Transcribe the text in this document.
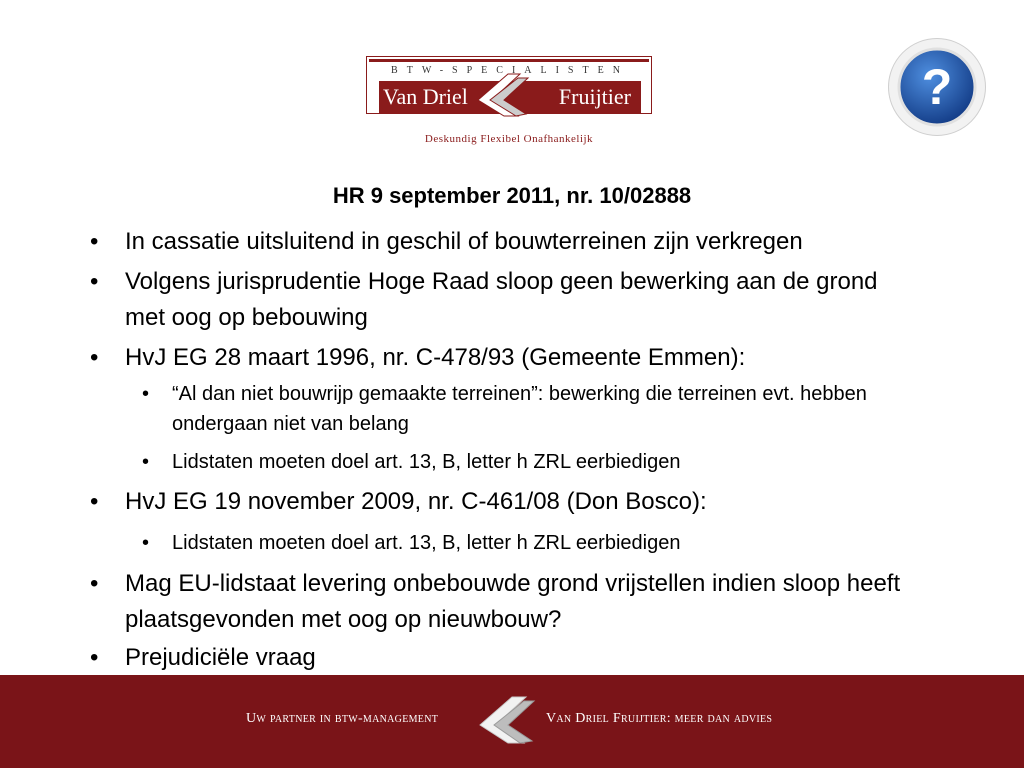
BTW-SPECIALISTEN
Van Driel	Fruijtier
Deskundig Flexibel Onafhankelijk
?
HR 9 september 2011, nr. 10/02888
• In cassatie uitsluitend in geschil of bouwterreinen zijn verkregen
• Volgens jurisprudentie Hoge Raad sloop geen bewerking aan de grond met oog op bebouwing
• HvJ EG 28 maart 1996, nr. C-478/93 (Gemeente Emmen):
• “Al dan niet bouwrijp gemaakte terreinen”: bewerking die terreinen evt. hebben ondergaan niet van belang
• Lidstaten moeten doel art. 13, B, letter h ZRL eerbiedigen
• HvJ EG 19 november 2009, nr. C-461/08 (Don Bosco):
• Lidstaten moeten doel art. 13, B, letter h ZRL eerbiedigen
• Mag EU-lidstaat levering onbebouwde grond vrijstellen indien sloop heeft plaatsgevonden met oog op nieuwbouw?
• Prejudiciële vraag
Uw partner in btw-management	Van Driel Fruijtier: meer dan advies
